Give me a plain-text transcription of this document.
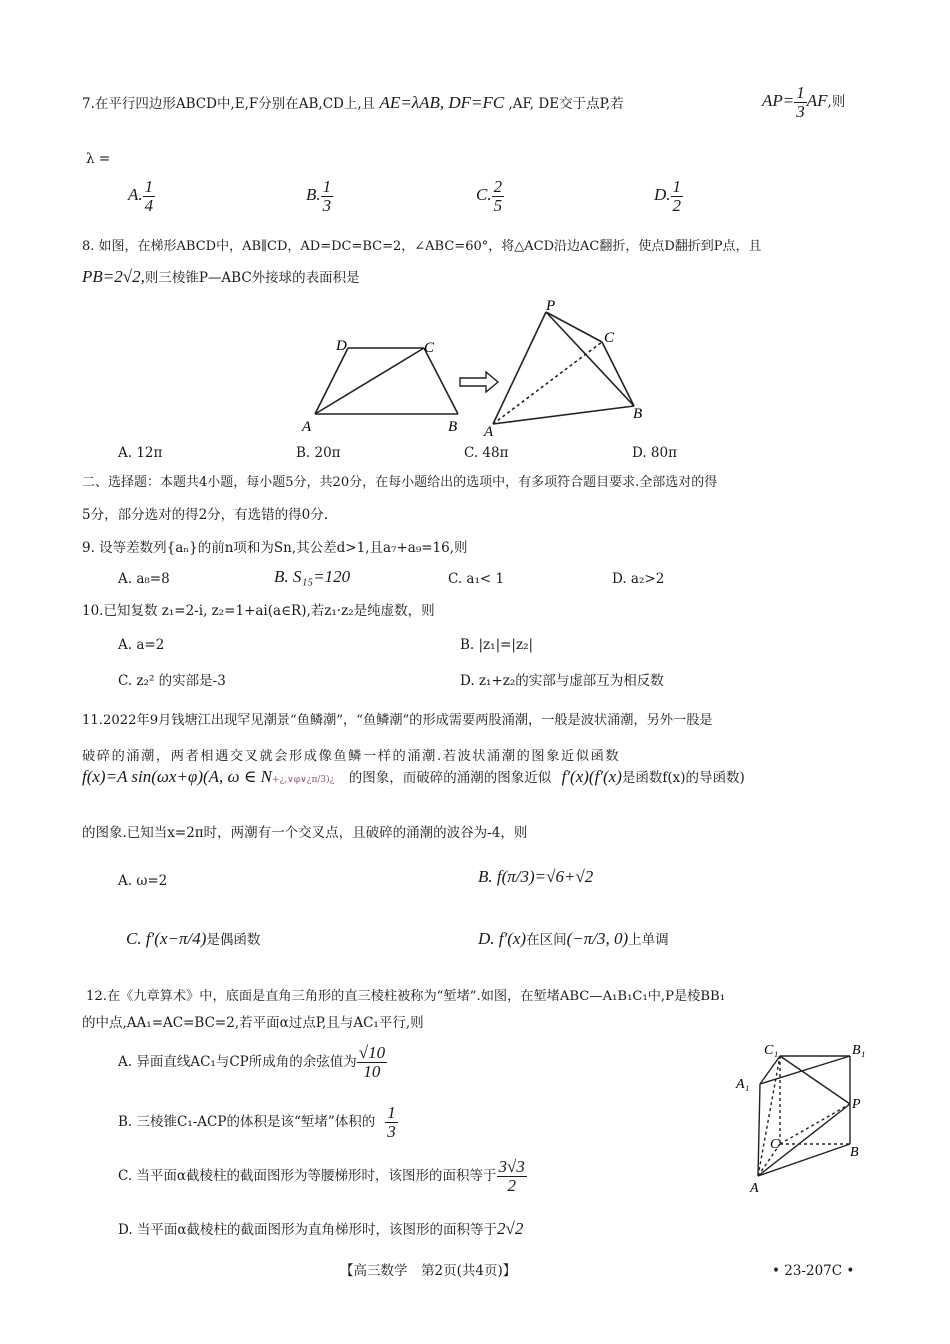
7.在平行四边形ABCD中,E,F分别在AB,CD上,且 AE=λAB, DF=FC ,AF, DE交于点P,若	$AP= \frac{1}{3}$ AF,则
λ =
A. $\frac{1}{4}$	B. $\frac{1}{3}$	C. $\frac{2}{5}$	D. $\frac{1}{2}$
8. 如图，在梯形ABCD中，AB∥CD，AD=DC=BC=2，∠ABC=60°，将△ACD沿边AC翻折，使点D翻折到P点，且
PB=2√2,则三棱锥P—ABC外接球的表面积是
A	B
C
D
A
B
C
P
A. 12π	B. 20π	C. 48π	D. 80π
二、选择题：本题共4小题，每小题5分，共20分，在每小题给出的选项中，有多项符合题目要求.全部选对的得
5分，部分选对的得2分，有选错的得0分.
9. 设等差数列{aₙ}的前n项和为Sn,其公差d>1,且a₇+a₉=16,则
A. a₈=8	B. S₁₅=120	C. a₁< 1	D. a₂>2
10.已知复数 z₁=2-i, z₂=1+ai(a∈R),若z₁·z₂是纯虚数，则
A. a=2	B. |z₁|=|z₂|
C. z₂² 的实部是-3	D. z₁+z₂的实部与虚部互为相反数
11.2022年9月钱塘江出现罕见潮景“鱼鳞潮”，“鱼鳞潮”的形成需要两股涌潮，一般是波状涌潮，另外一股是
破碎的涌潮，两者相遇交叉就会形成像鱼鳞一样的涌潮.若波状涌潮的图象近似函数
f(x)=A sin(ωx+φ)(A, ω ∈ N+¿,∨φ∨¿π/3)¿ 的图象，而破碎的涌潮的图象近似 f′(x)(f′(x)是函数f(x)的导函数)
的图象.已知当x=2π时，两潮有一个交叉点，且破碎的涌潮的波谷为-4，则
A. ω=2	B. f(π/3)=√6+√2
C. f′(x−π/4)是偶函数	D. f′(x)在区间(−π/3, 0)上单调
12.在《九章算术》中，底面是直角三角形的直三棱柱被称为“堑堵”.如图，在堑堵ABC—A₁B₁C₁中,P是棱BB₁
的中点,AA₁=AC=BC=2,若平面α过点P,且与AC₁平行,则
A. 异面直线AC₁与CP所成角的余弦值为 $\frac{√10}{10}$
B. 三棱锥C₁-ACP的体积是该“堑堵”体积的 $\frac{1}{3}$
C. 当平面α截棱柱的截面图形为等腰梯形时，该图形的面积等于 $\frac{3√3}{2}$
D. 当平面α截棱柱的截面图形为直角梯形时，该图形的面积等于2√2
C₁	B₁
A₁
P
C
B
A
【高三数学　第2页(共4页)】	• 23-207C •
